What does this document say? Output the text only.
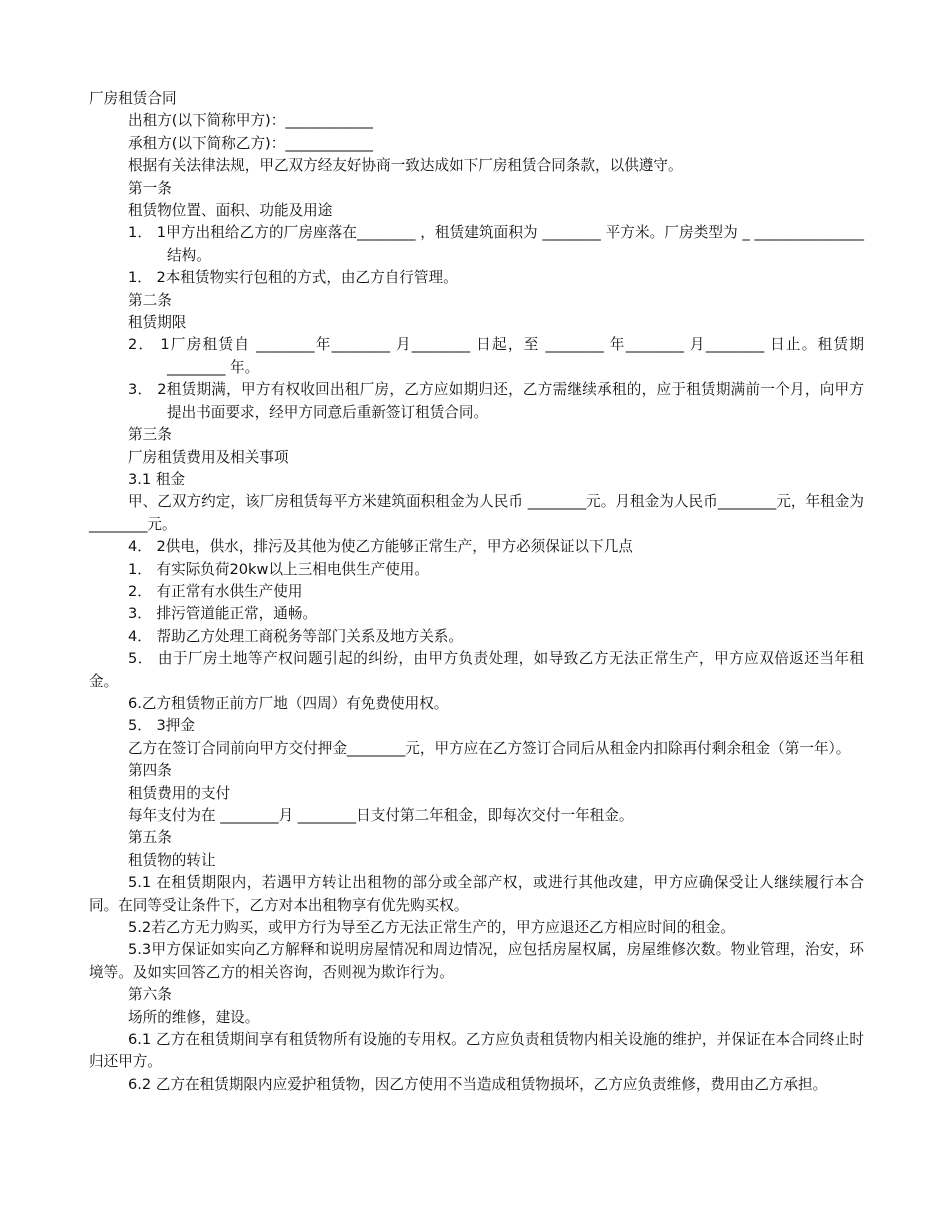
厂房租赁合同
出租方(以下简称甲方)：____________
承租方(以下简称乙方)：____________
根据有关法律法规，甲乙双方经友好协商一致达成如下厂房租赁合同条款，以供遵守。
第一条
租赁物位置、面积、功能及用途
1． 1甲方出租给乙方的厂房座落在________ ，租赁建筑面积为 ________ 平方米。厂房类型为 _ _______________ 结构。
1． 2本租赁物实行包租的方式，由乙方自行管理。
第二条
租赁期限
2． 1厂房租赁自 ________年________ 月________ 日起，至 ________ 年________ 月________ 日止。租赁期________ 年。
3． 2租赁期满，甲方有权收回出租厂房，乙方应如期归还，乙方需继续承租的，应于租赁期满前一个月，向甲方提出书面要求，经甲方同意后重新签订租赁合同。
第三条
厂房租赁费用及相关事项
3.1 租金
甲、乙双方约定，该厂房租赁每平方米建筑面积租金为人民币 ________元。月租金为人民币________元，年租金为________元。
4． 2供电，供水，排污及其他为使乙方能够正常生产，甲方必须保证以下几点
1． 有实际负荷20kw以上三相电供生产使用。
2． 有正常有水供生产使用
3． 排污管道能正常，通畅。
4． 帮助乙方处理工商税务等部门关系及地方关系。
5． 由于厂房土地等产权问题引起的纠纷，由甲方负责处理，如导致乙方无法正常生产，甲方应双倍返还当年租金。
6.乙方租赁物正前方厂地（四周）有免费使用权。
5． 3押金
乙方在签订合同前向甲方交付押金________元，甲方应在乙方签订合同后从租金内扣除再付剩余租金（第一年）。
第四条
租赁费用的支付
每年支付为在 ________月 ________日支付第二年租金，即每次交付一年租金。
第五条
租赁物的转让
5.1 在租赁期限内，若遇甲方转让出租物的部分或全部产权，或进行其他改建，甲方应确保受让人继续履行本合同。在同等受让条件下，乙方对本出租物享有优先购买权。
5.2若乙方无力购买，或甲方行为导至乙方无法正常生产的，甲方应退还乙方相应时间的租金。
5.3甲方保证如实向乙方解释和说明房屋情况和周边情况，应包括房屋权属，房屋维修次数。物业管理，治安，环境等。及如实回答乙方的相关咨询，否则视为欺诈行为。
第六条
场所的维修，建设。
6.1 乙方在租赁期间享有租赁物所有设施的专用权。乙方应负责租赁物内相关设施的维护，并保证在本合同终止时归还甲方。
6.2 乙方在租赁期限内应爱护租赁物，因乙方使用不当造成租赁物损坏，乙方应负责维修，费用由乙方承担。
